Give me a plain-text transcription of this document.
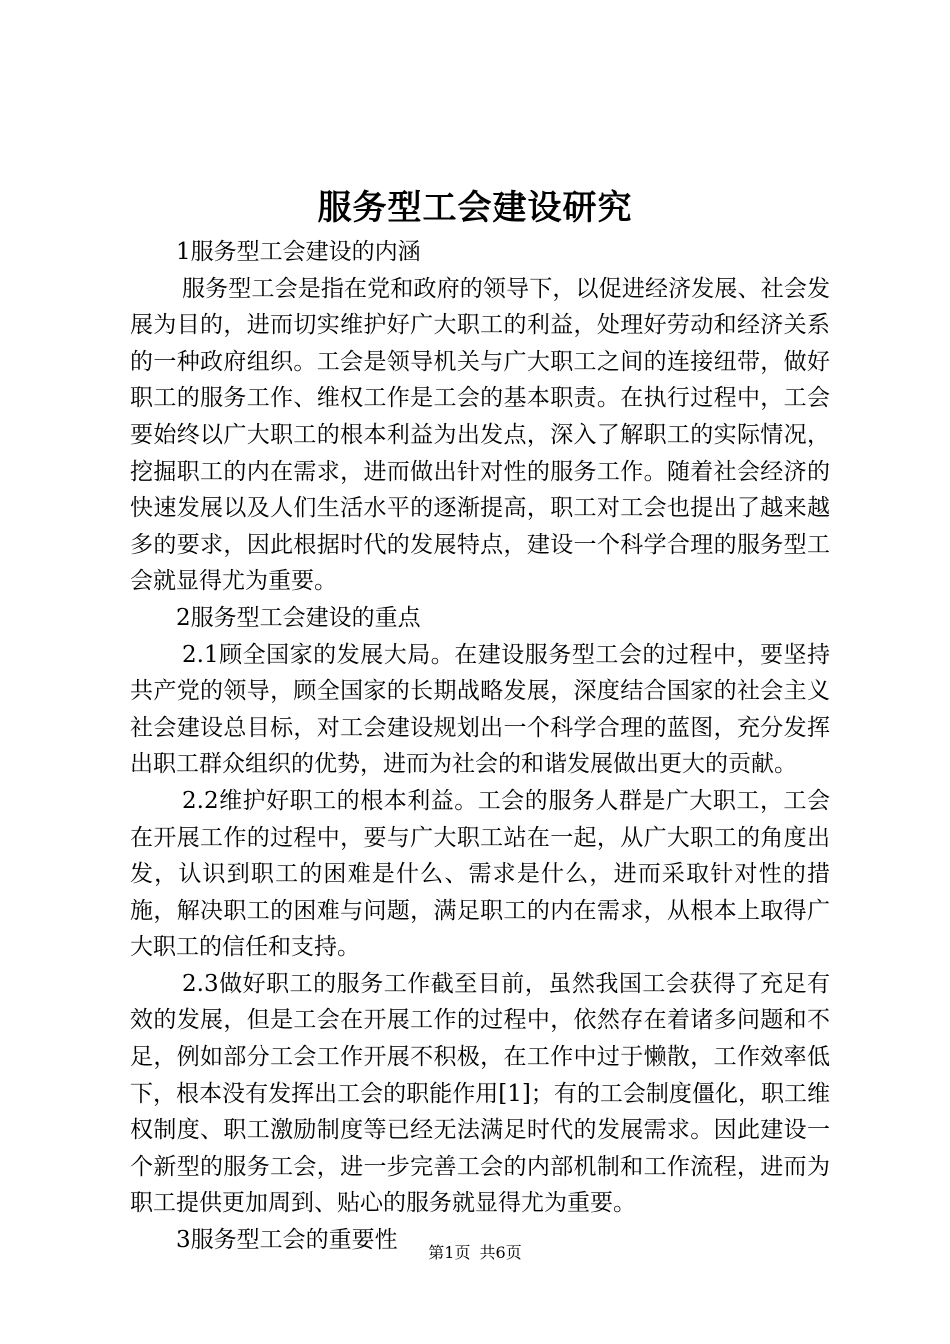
服务型工会建设研究

1服务型工会建设的内涵

服务型工会是指在党和政府的领导下，以促进经济发展、社会发展为目的，进而切实维护好广大职工的利益，处理好劳动和经济关系的一种政府组织。工会是领导机关与广大职工之间的连接纽带，做好职工的服务工作、维权工作是工会的基本职责。在执行过程中，工会要始终以广大职工的根本利益为出发点，深入了解职工的实际情况，挖掘职工的内在需求，进而做出针对性的服务工作。随着社会经济的快速发展以及人们生活水平的逐渐提高，职工对工会也提出了越来越多的要求，因此根据时代的发展特点，建设一个科学合理的服务型工会就显得尤为重要。

2服务型工会建设的重点

2.1顾全国家的发展大局。在建设服务型工会的过程中，要坚持共产党的领导，顾全国家的长期战略发展，深度结合国家的社会主义社会建设总目标，对工会建设规划出一个科学合理的蓝图，充分发挥出职工群众组织的优势，进而为社会的和谐发展做出更大的贡献。

2.2维护好职工的根本利益。工会的服务人群是广大职工，工会在开展工作的过程中，要与广大职工站在一起，从广大职工的角度出发，认识到职工的困难是什么、需求是什么，进而采取针对性的措施，解决职工的困难与问题，满足职工的内在需求，从根本上取得广大职工的信任和支持。

2.3做好职工的服务工作截至目前，虽然我国工会获得了充足有效的发展，但是工会在开展工作的过程中，依然存在着诸多问题和不足，例如部分工会工作开展不积极，在工作中过于懒散，工作效率低下，根本没有发挥出工会的职能作用[1]；有的工会制度僵化，职工维权制度、职工激励制度等已经无法满足时代的发展需求。因此建设一个新型的服务工会，进一步完善工会的内部机制和工作流程，进而为职工提供更加周到、贴心的服务就显得尤为重要。

3服务型工会的重要性	第1页 共6页
